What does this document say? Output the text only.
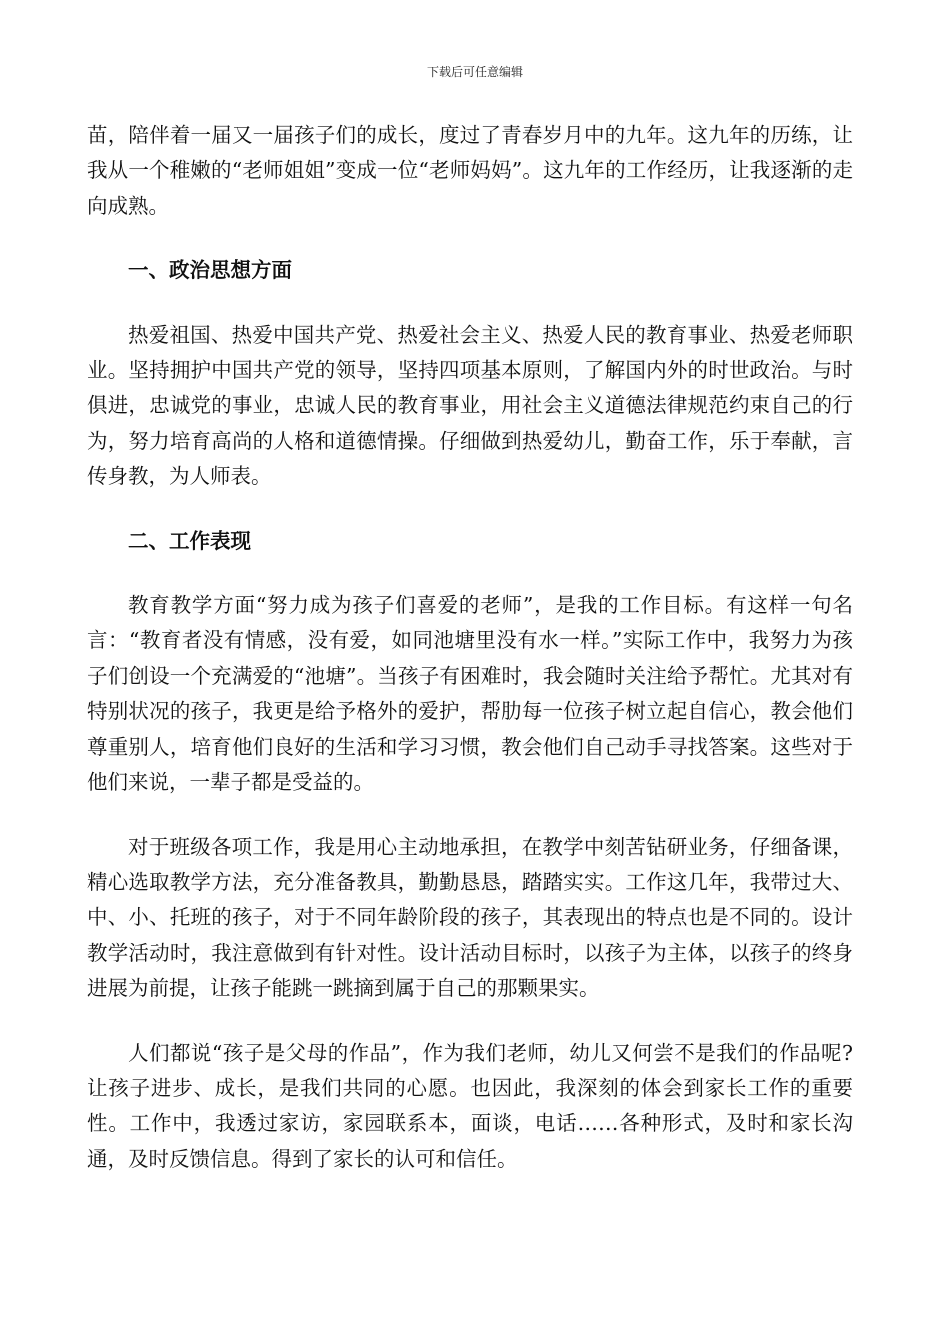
下载后可任意编辑

苗，陪伴着一届又一届孩子们的成长，度过了青春岁月中的九年。这九年的历练，让我从一个稚嫩的“老师姐姐”变成一位“老师妈妈”。这九年的工作经历，让我逐渐的走向成熟。

一、政治思想方面

热爱祖国、热爱中国共产党、热爱社会主义、热爱人民的教育事业、热爱老师职业。坚持拥护中国共产党的领导，坚持四项基本原则，了解国内外的时世政治。与时俱进，忠诚党的事业，忠诚人民的教育事业，用社会主义道德法律规范约束自己的行为，努力培育高尚的人格和道德情操。仔细做到热爱幼儿，勤奋工作，乐于奉献，言传身教，为人师表。

二、工作表现

教育教学方面“努力成为孩子们喜爱的老师”，是我的工作目标。有这样一句名言：“教育者没有情感，没有爱，如同池塘里没有水一样。”实际工作中，我努力为孩子们创设一个充满爱的“池塘”。当孩子有困难时，我会随时关注给予帮忙。尤其对有特别状况的孩子，我更是给予格外的爱护，帮肋每一位孩子树立起自信心，教会他们尊重别人，培育他们良好的生活和学习习惯，教会他们自己动手寻找答案。这些对于他们来说，一辈子都是受益的。

对于班级各项工作，我是用心主动地承担，在教学中刻苦钻研业务，仔细备课，精心选取教学方法，充分准备教具，勤勤恳恳，踏踏实实。工作这几年，我带过大、中、小、托班的孩子，对于不同年龄阶段的孩子，其表现出的特点也是不同的。设计教学活动时，我注意做到有针对性。设计活动目标时，以孩子为主体，以孩子的终身进展为前提，让孩子能跳一跳摘到属于自己的那颗果实。

人们都说“孩子是父母的作品”，作为我们老师，幼儿又何尝不是我们的作品呢?让孩子进步、成长，是我们共同的心愿。也因此，我深刻的体会到家长工作的重要性。工作中，我透过家访，家园联系本，面谈，电话……各种形式，及时和家长沟通，及时反馈信息。得到了家长的认可和信任。
